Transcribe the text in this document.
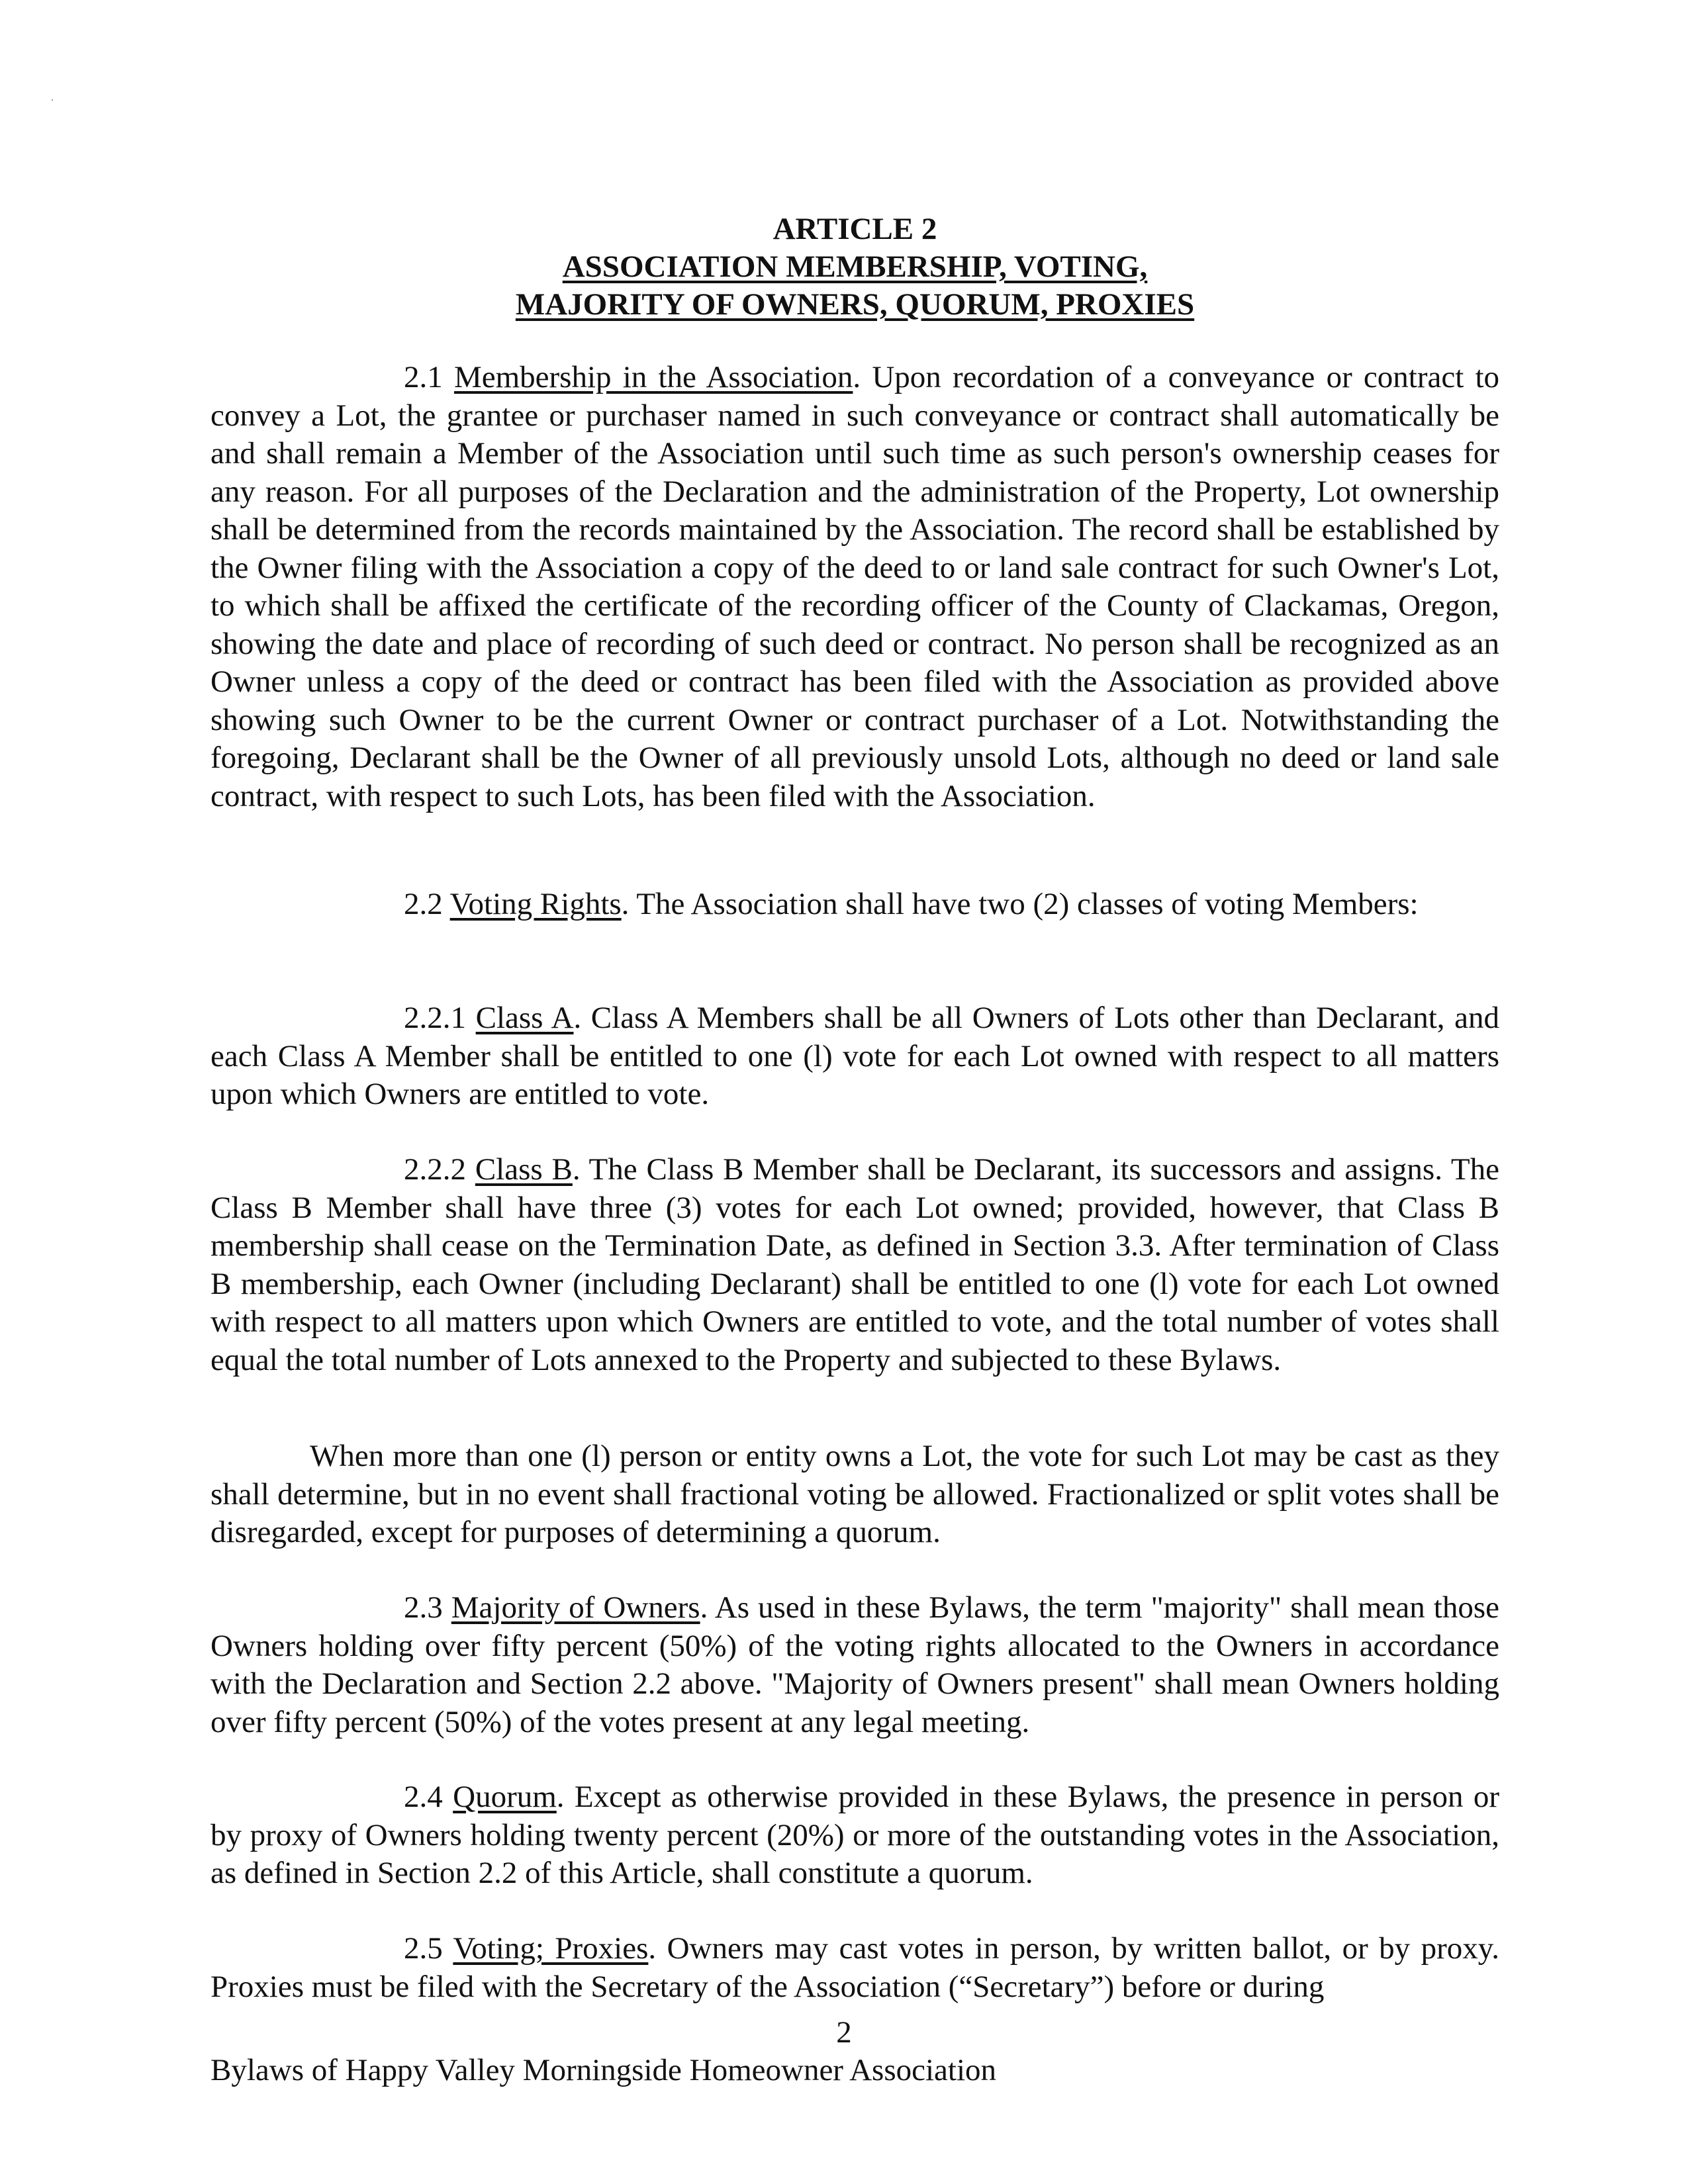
ARTICLE 2

ASSOCIATION MEMBERSHIP, VOTING,

MAJORITY OF OWNERS, QUORUM, PROXIES

2.1 Membership in the Association. Upon recordation of a conveyance or contract to convey a Lot, the grantee or purchaser named in such conveyance or contract shall automatically be and shall remain a Member of the Association until such time as such person's ownership ceases for any reason. For all purposes of the Declaration and the administration of the Property, Lot ownership shall be determined from the records maintained by the Association. The record shall be established by the Owner filing with the Association a copy of the deed to or land sale contract for such Owner's Lot, to which shall be affixed the certificate of the recording officer of the County of Clackamas, Oregon, showing the date and place of recording of such deed or contract. No person shall be recognized as an Owner unless a copy of the deed or contract has been filed with the Association as provided above showing such Owner to be the current Owner or contract purchaser of a Lot. Notwithstanding the foregoing, Declarant shall be the Owner of all previously unsold Lots, although no deed or land sale contract, with respect to such Lots, has been filed with the Association.

2.2 Voting Rights. The Association shall have two (2) classes of voting Members:

2.2.1 Class A. Class A Members shall be all Owners of Lots other than Declarant, and each Class A Member shall be entitled to one (l) vote for each Lot owned with respect to all matters upon which Owners are entitled to vote.

2.2.2 Class B. The Class B Member shall be Declarant, its successors and assigns. The Class B Member shall have three (3) votes for each Lot owned; provided, however, that Class B membership shall cease on the Termination Date, as defined in Section 3.3. After termination of Class B membership, each Owner (including Declarant) shall be entitled to one (l) vote for each Lot owned with respect to all matters upon which Owners are entitled to vote, and the total number of votes shall equal the total number of Lots annexed to the Property and subjected to these Bylaws.

When more than one (l) person or entity owns a Lot, the vote for such Lot may be cast as they shall determine, but in no event shall fractional voting be allowed. Fractionalized or split votes shall be disregarded, except for purposes of determining a quorum.

2.3 Majority of Owners. As used in these Bylaws, the term "majority" shall mean those Owners holding over fifty percent (50%) of the voting rights allocated to the Owners in accordance with the Declaration and Section 2.2 above. "Majority of Owners present" shall mean Owners holding over fifty percent (50%) of the votes present at any legal meeting.

2.4 Quorum. Except as otherwise provided in these Bylaws, the presence in person or by proxy of Owners holding twenty percent (20%) or more of the outstanding votes in the Association, as defined in Section 2.2 of this Article, shall constitute a quorum.

2.5 Voting; Proxies. Owners may cast votes in person, by written ballot, or by proxy. Proxies must be filed with the Secretary of the Association (“Secretary”) before or during

2
Bylaws of Happy Valley Morningside Homeowner Association
